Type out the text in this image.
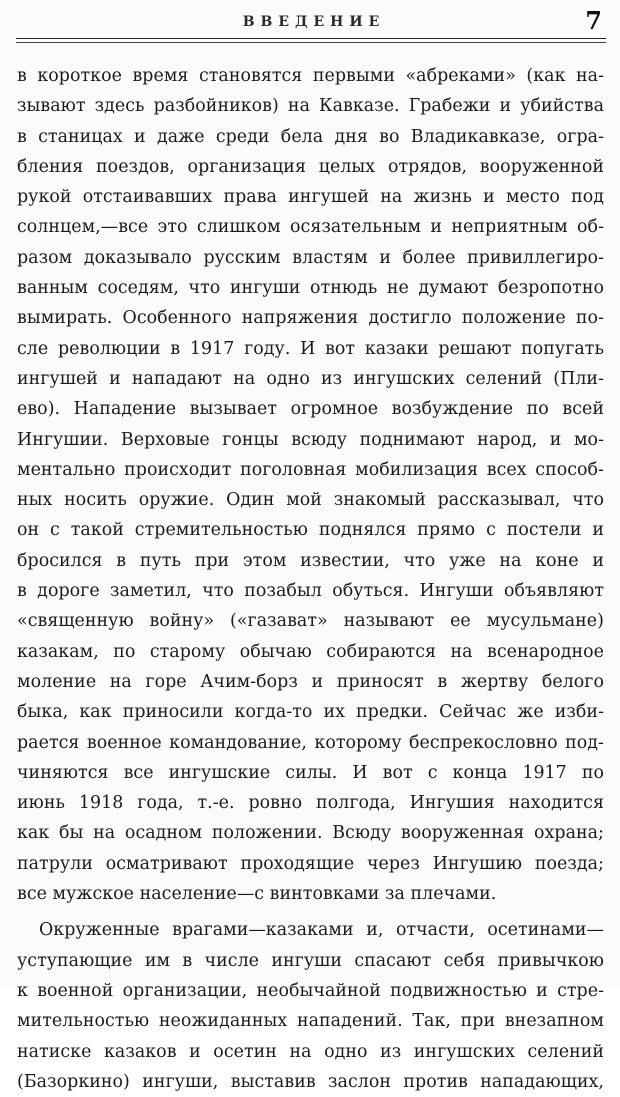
ВВЕДЕНИЕ	7
в короткое время становятся первыми «абреками» (как на-
зывают здесь разбойников) на Кавказе. Грабежи и убийства
в станицах и даже среди бела дня во Владикавказе, огра-
бления поездов, организация целых отрядов, вооруженной
рукой отстаивавших права ингушей на жизнь и место под
солнцем,—все это слишком осязательным и неприятным об-
разом доказывало русским властям и более привиллегиро-
ванным соседям, что ингуши отнюдь не думают безропотно
вымирать. Особенного напряжения достигло положение по-
сле революции в 1917 году. И вот казаки решают попугать
ингушей и нападают на одно из ингушских селений (Пли-
ево). Нападение вызывает огромное возбуждение по всей
Ингушии. Верховые гонцы всюду поднимают народ, и мо-
ментально происходит поголовная мобилизация всех способ-
ных носить оружие. Один мой знакомый рассказывал, что
он с такой стремительностью поднялся прямо с постели и
бросился в путь при этом известии, что уже на коне и
в дороге заметил, что позабыл обуться. Ингуши объявляют
«священную войну» («газават» называют ее мусульмане)
казакам, по старому обычаю собираются на всенародное
моление на горе Ачим-борз и приносят в жертву белого
быка, как приносили когда-то их предки. Сейчас же изби-
рается военное командование, которому беспрекословно под-
чиняются все ингушские силы. И вот с конца 1917 по
июнь 1918 года, т.-е. ровно полгода, Ингушия находится
как бы на осадном положении. Всюду вооруженная охрана;
патрули осматривают проходящие через Ингушию поезда;
все мужское население—с винтовками за плечами.
Окруженные врагами—казаками и, отчасти, осетинами—
уступающие им в числе ингуши спасают себя привычкою
к военной организации, необычайной подвижностью и стре-
мительностью неожиданных нападений. Так, при внезапном
натиске казаков и осетин на одно из ингушских селений
(Базоркино) ингуши, выставив заслон против нападающих,
